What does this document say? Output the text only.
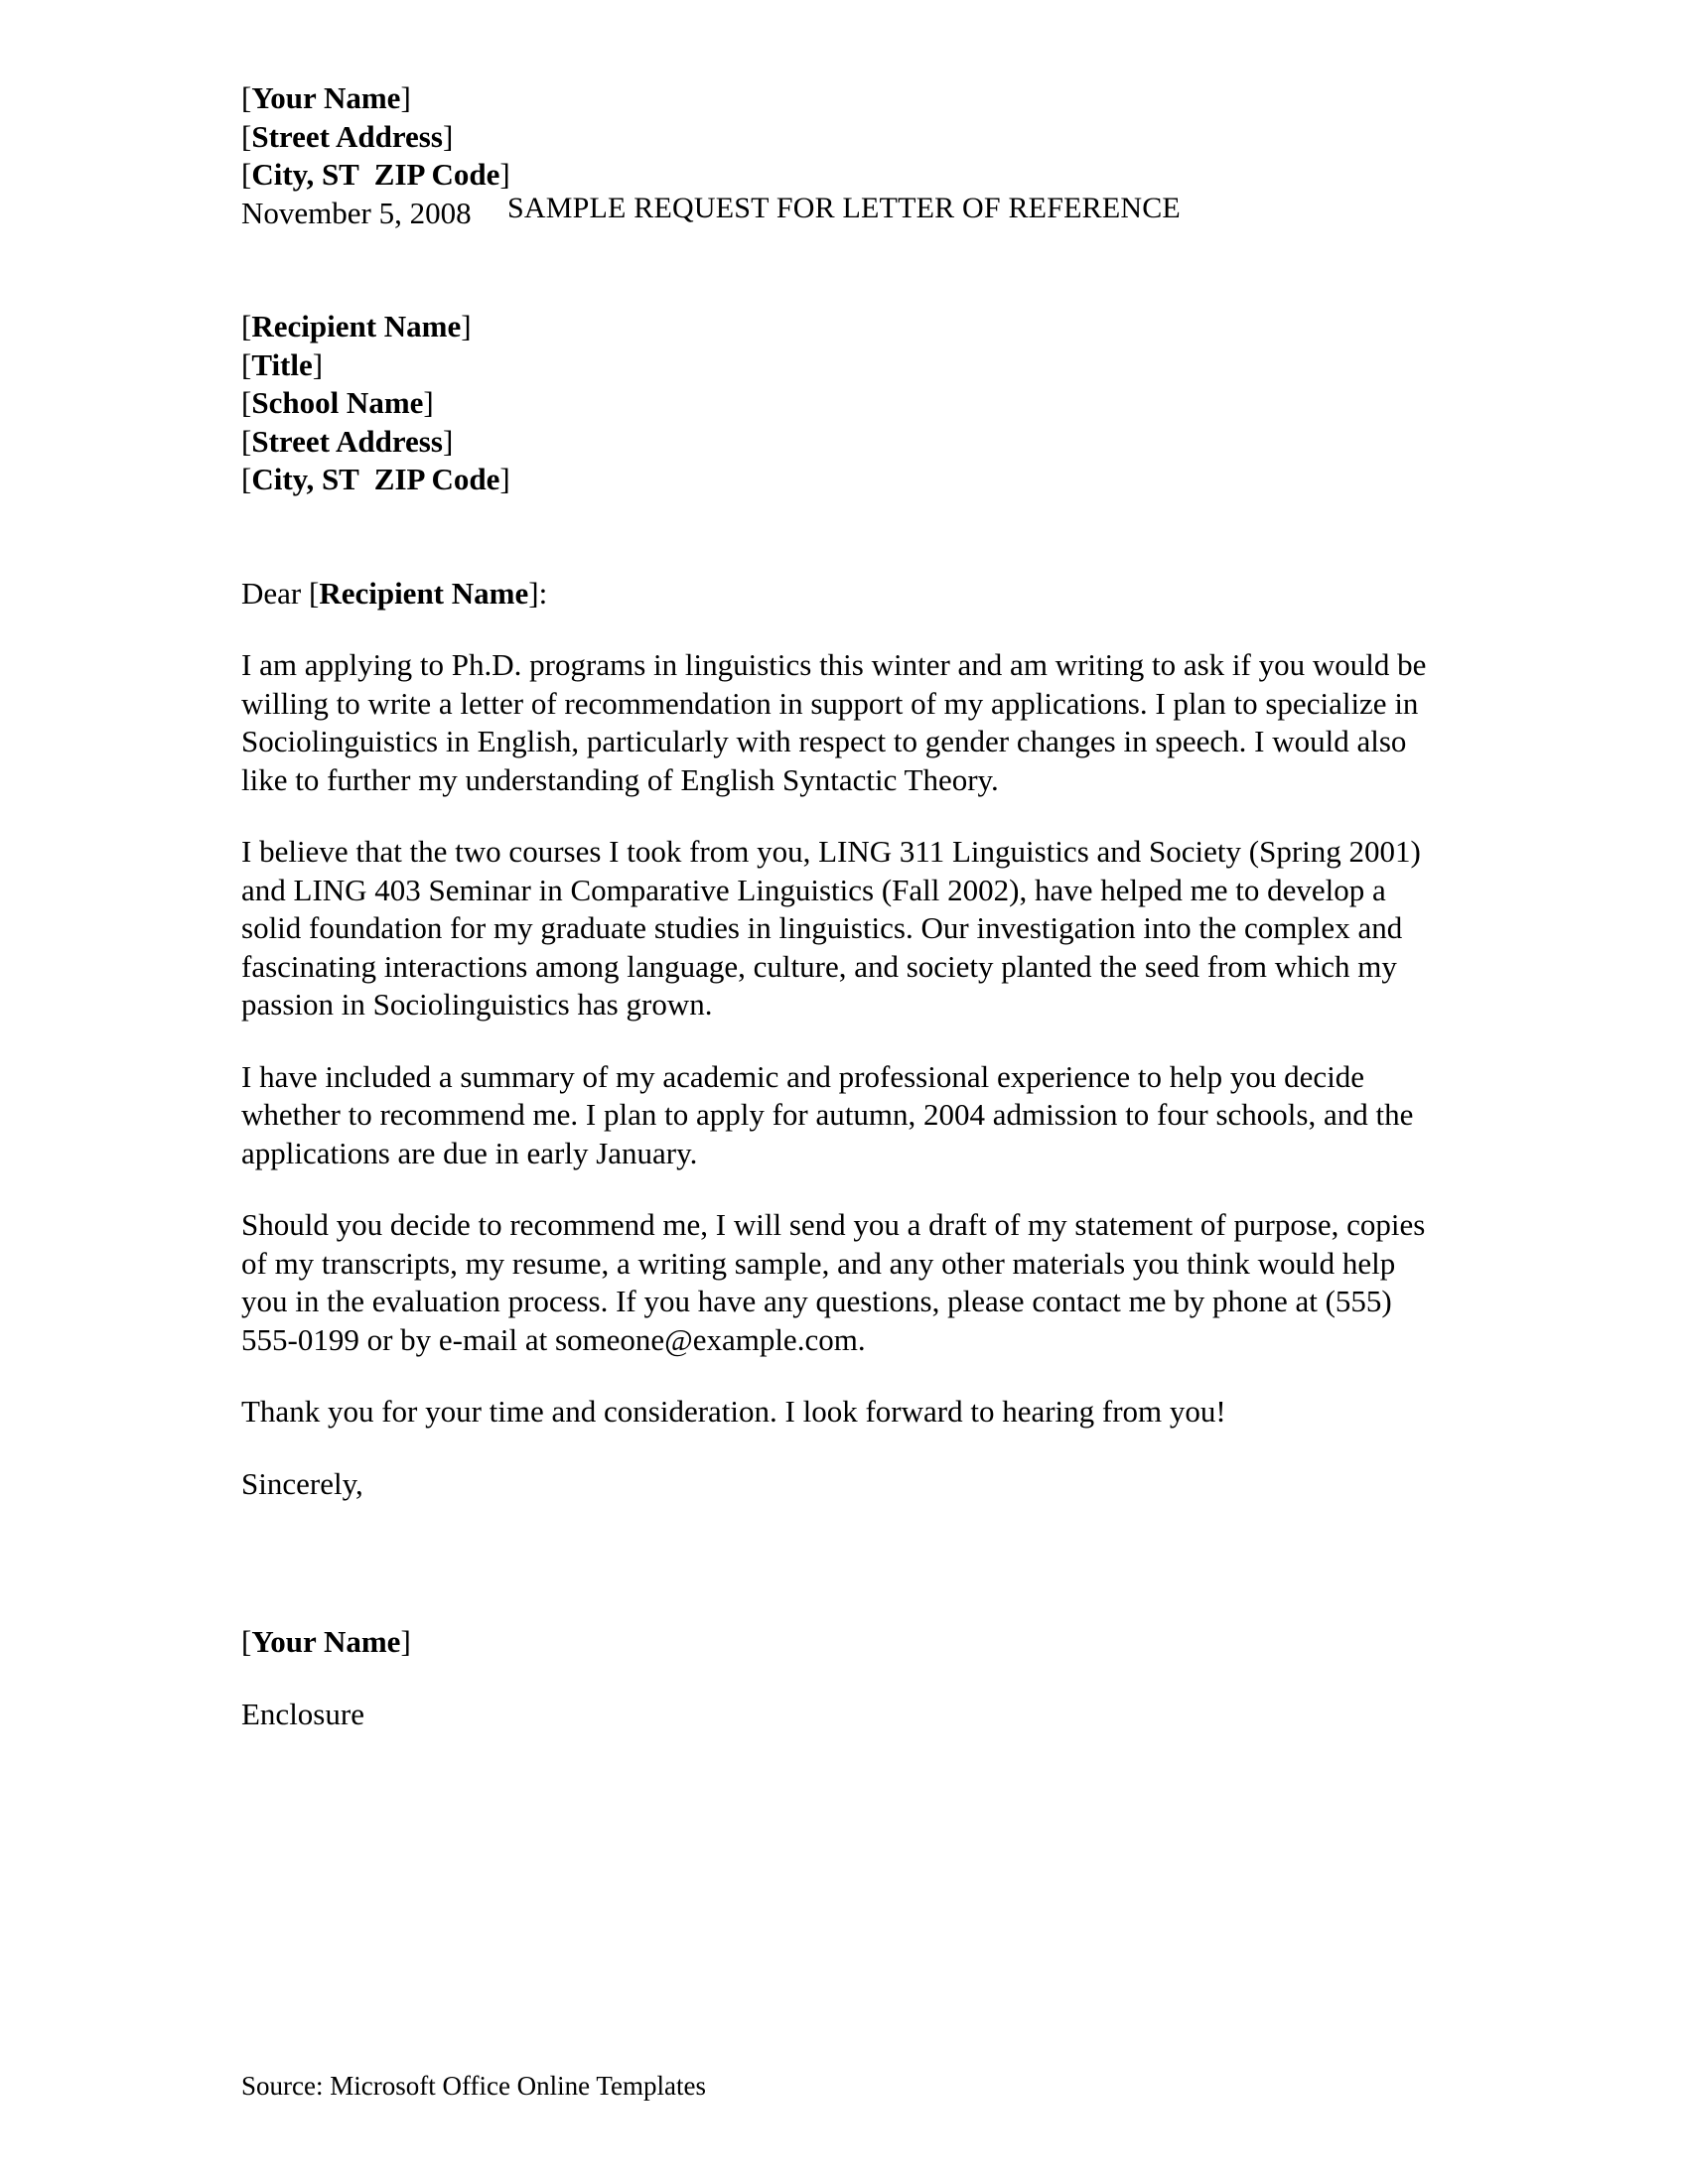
SAMPLE REQUEST FOR LETTER OF REFERENCE
[Your Name]
[Street Address]
[City, ST  ZIP Code]
November 5, 2008
[Recipient Name]
[Title]
[School Name]
[Street Address]
[City, ST  ZIP Code]
Dear [Recipient Name]:

I am applying to Ph.D. programs in linguistics this winter and am writing to ask if you would be willing to write a letter of recommendation in support of my applications. I plan to specialize in Sociolinguistics in English, particularly with respect to gender changes in speech. I would also like to further my understanding of English Syntactic Theory.

I believe that the two courses I took from you, LING 311 Linguistics and Society (Spring 2001) and LING 403 Seminar in Comparative Linguistics (Fall 2002), have helped me to develop a solid foundation for my graduate studies in linguistics. Our investigation into the complex and fascinating interactions among language, culture, and society planted the seed from which my passion in Sociolinguistics has grown.

I have included a summary of my academic and professional experience to help you decide whether to recommend me. I plan to apply for autumn, 2004 admission to four schools, and the applications are due in early January.

Should you decide to recommend me, I will send you a draft of my statement of purpose, copies of my transcripts, my resume, a writing sample, and any other materials you think would help you in the evaluation process. If you have any questions, please contact me by phone at (555) 555-0199 or by e-mail at someone@example.com.

Thank you for your time and consideration. I look forward to hearing from you!

Sincerely,
[Your Name]
Enclosure
Source: Microsoft Office Online Templates
